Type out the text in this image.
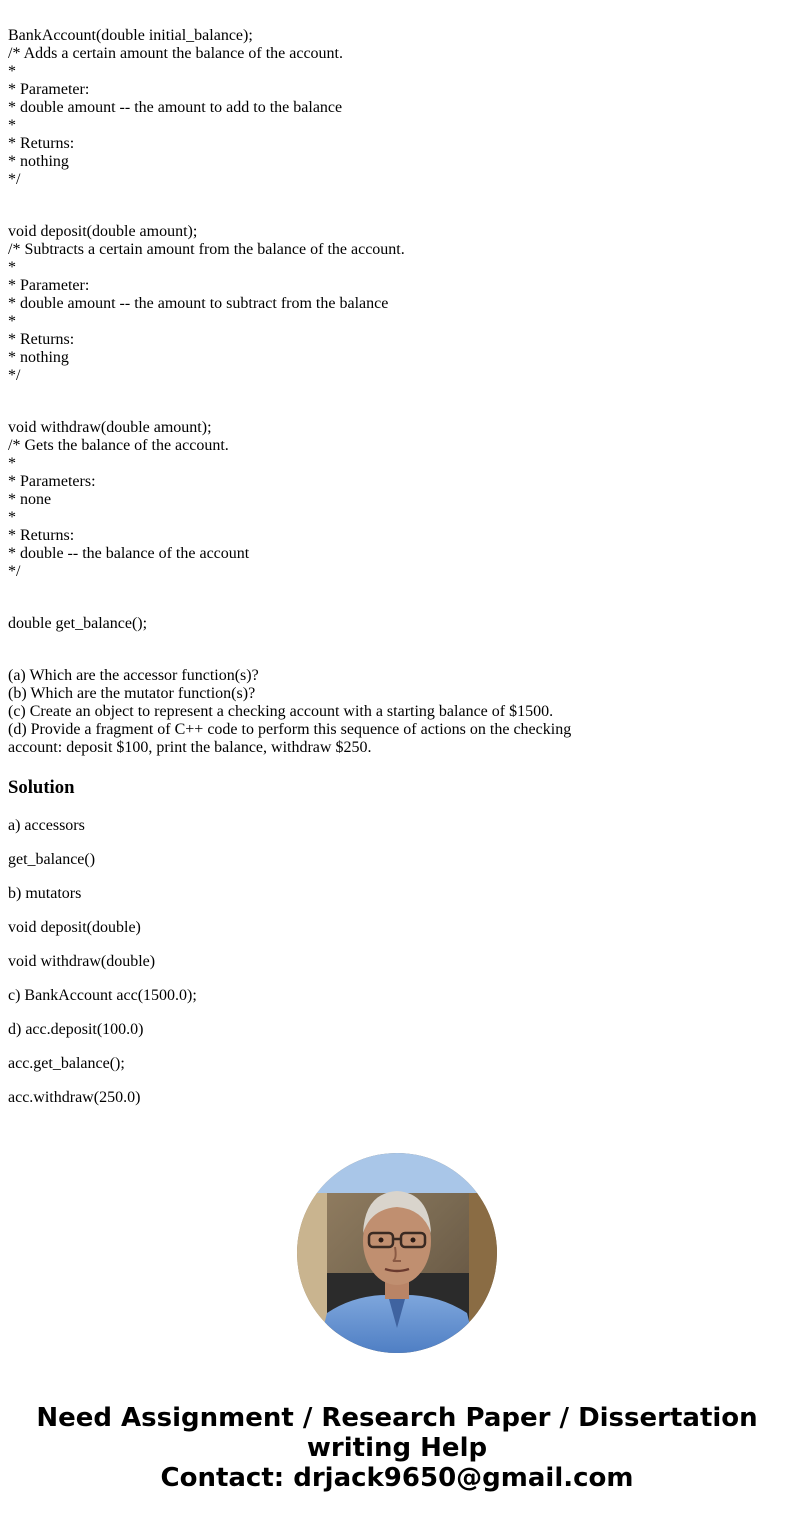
BankAccount(double initial_balance);
/* Adds a certain amount the balance of the account.
*
* Parameter:
* double amount -- the amount to add to the balance
*
* Returns:
* nothing
*/
void deposit(double amount);
/* Subtracts a certain amount from the balance of the account.
*
* Parameter:
* double amount -- the amount to subtract from the balance
*
* Returns:
* nothing
*/
void withdraw(double amount);
/* Gets the balance of the account.
*
* Parameters:
* none
*
* Returns:
* double -- the balance of the account
*/
double get_balance();
(a) Which are the accessor function(s)?
(b) Which are the mutator function(s)?
(c) Create an object to represent a checking account with a starting balance of $1500.
(d) Provide a fragment of C++ code to perform this sequence of actions on the checking
account: deposit $100, print the balance, withdraw $250.
Solution
a) accessors
get_balance()
b) mutators
void deposit(double)
void withdraw(double)
c) BankAccount acc(1500.0);
d) acc.deposit(100.0)
acc.get_balance();
acc.withdraw(250.0)
Need Assignment / Research Paper / Dissertation
writing Help
Contact: drjack9650@gmail.com
